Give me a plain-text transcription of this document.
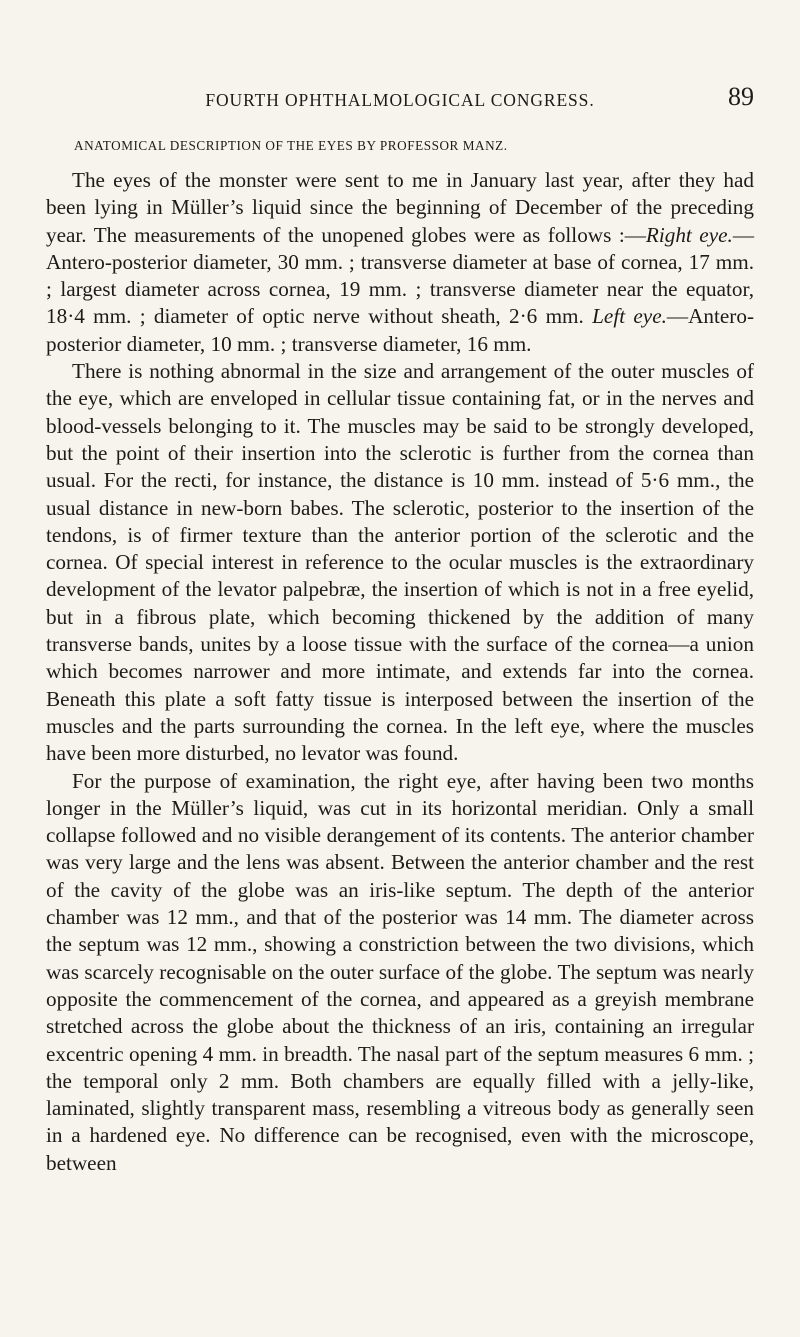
FOURTH OPHTHALMOLOGICAL CONGRESS.	89
ANATOMICAL DESCRIPTION OF THE EYES BY PROFESSOR MANZ.

The eyes of the monster were sent to me in January last year, after they had been lying in Müller’s liquid since the beginning of December of the preceding year. The measurements of the unopened globes were as follows :—Right eye.—Antero-posterior diameter, 30 mm. ; transverse diameter at base of cornea, 17 mm. ; largest diameter across cornea, 19 mm. ; transverse diameter near the equator, 18·4 mm. ; diameter of optic nerve without sheath, 2·6 mm. Left eye.—Antero-posterior diameter, 10 mm. ; transverse diameter, 16 mm.

There is nothing abnormal in the size and arrangement of the outer muscles of the eye, which are enveloped in cellular tissue containing fat, or in the nerves and blood-vessels belonging to it. The muscles may be said to be strongly developed, but the point of their insertion into the sclerotic is further from the cornea than usual. For the recti, for instance, the distance is 10 mm. instead of 5·6 mm., the usual distance in new-born babes. The sclerotic, posterior to the insertion of the tendons, is of firmer texture than the anterior portion of the sclerotic and the cornea. Of special interest in reference to the ocular muscles is the extraordinary development of the levator palpebræ, the insertion of which is not in a free eyelid, but in a fibrous plate, which becoming thickened by the addition of many transverse bands, unites by a loose tissue with the surface of the cornea—a union which becomes narrower and more intimate, and extends far into the cornea. Beneath this plate a soft fatty tissue is interposed between the insertion of the muscles and the parts surrounding the cornea. In the left eye, where the muscles have been more disturbed, no levator was found.

For the purpose of examination, the right eye, after having been two months longer in the Müller’s liquid, was cut in its horizontal meridian. Only a small collapse followed and no visible derangement of its contents. The anterior chamber was very large and the lens was absent. Between the anterior chamber and the rest of the cavity of the globe was an iris-like septum. The depth of the anterior chamber was 12 mm., and that of the posterior was 14 mm. The diameter across the septum was 12 mm., showing a constriction between the two divisions, which was scarcely recognisable on the outer surface of the globe. The septum was nearly opposite the commencement of the cornea, and appeared as a greyish membrane stretched across the globe about the thickness of an iris, containing an irregular excentric opening 4 mm. in breadth. The nasal part of the septum measures 6 mm. ; the temporal only 2 mm. Both chambers are equally filled with a jelly-like, laminated, slightly transparent mass, resembling a vitreous body as generally seen in a hardened eye. No difference can be recognised, even with the microscope, between
